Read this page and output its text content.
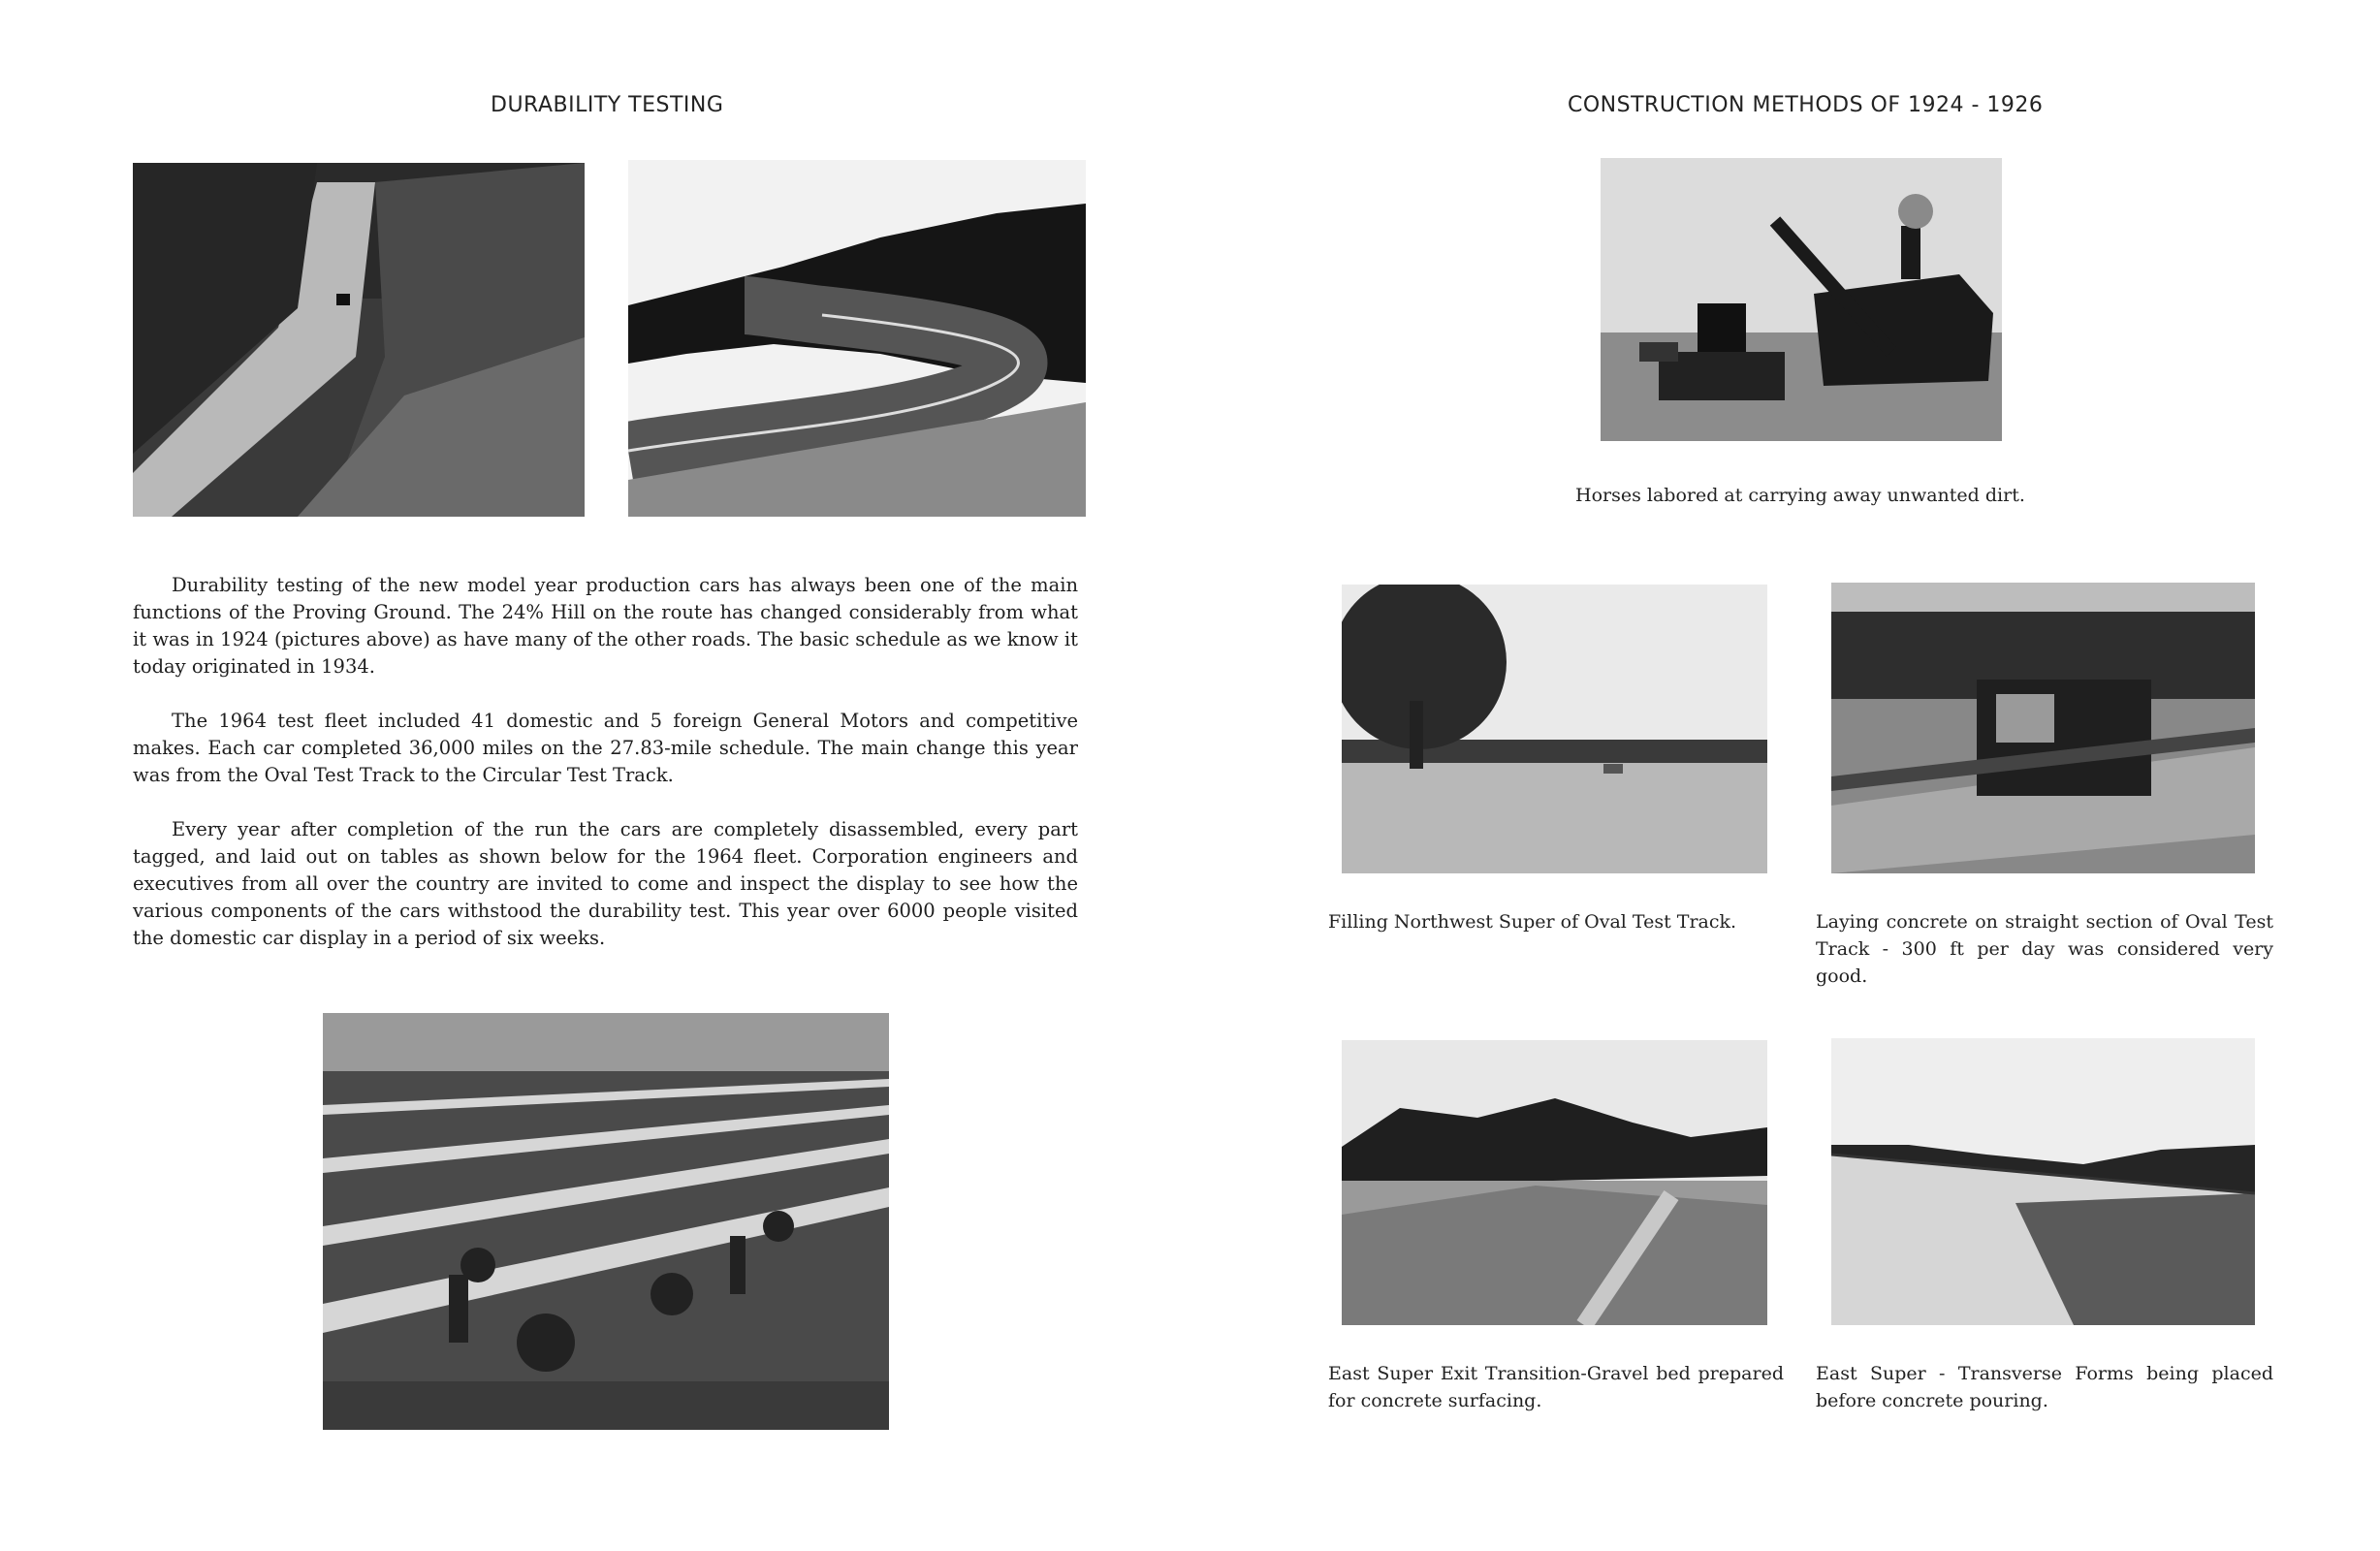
DURABILITY TESTING

Durability testing of the new model year production cars has always been one of the main functions of the Proving Ground. The 24% Hill on the route has changed considerably from what it was in 1924 (pictures above) as have many of the other roads. The basic schedule as we know it today originated in 1934.

The 1964 test fleet included 41 domestic and 5 foreign General Motors and competitive makes. Each car completed 36,000 miles on the 27.83-mile schedule. The main change this year was from the Oval Test Track to the Circular Test Track.

Every year after completion of the run the cars are completely disassembled, every part tagged, and laid out on tables as shown below for the 1964 fleet. Corporation engineers and executives from all over the country are invited to come and inspect the display to see how the various components of the cars withstood the durability test. This year over 6000 people visited the domestic car display in a period of six weeks.

CONSTRUCTION METHODS OF 1924 - 1926

Horses labored at carrying away unwanted dirt.

Filling Northwest Super of Oval Test Track.	Laying concrete on straight section of Oval Test Track - 300 ft per day was considered very good.

East Super Exit Transition-Gravel bed prepared for concrete surfacing.

East Super - Transverse Forms being placed before concrete pouring.
